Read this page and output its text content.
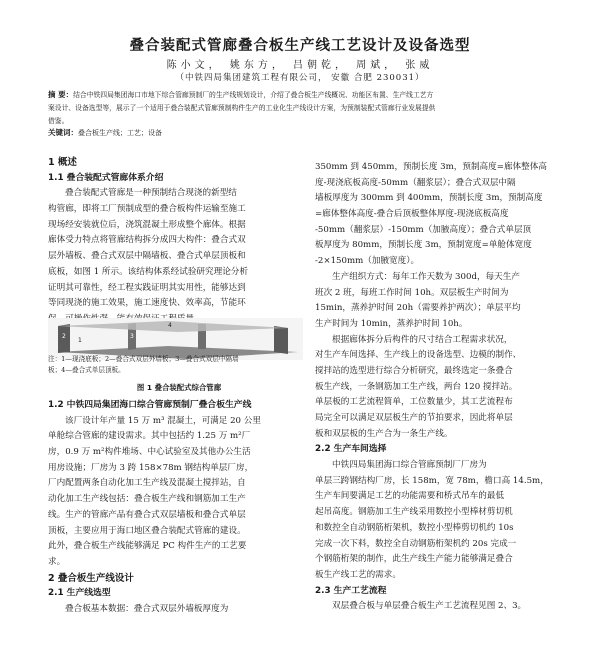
叠合装配式管廊叠合板生产线工艺设计及设备选型
陈小文， 姚东方， 吕朝乾， 周斌， 张威
（中铁四局集团建筑工程有限公司， 安徽 合肥 230031）
摘 要：结合中铁四局集团海口市地下综合管廊预制厂的生产线规划设计，介绍了叠合板生产线概况、功能区布置、生产线工艺方
案设计、设备选型等，展示了一个适用于叠合装配式管廊预制构件生产的工业化生产线设计方案，为预制装配式管廊行业发展提供
借鉴。
关键词：叠合板生产线；工艺；设备
1 概述
1.1 叠合装配式管廊体系介绍
叠合装配式管廊是一种预制结合现浇的新型结
构管廊，即将工厂预制成型的叠合板构件运输至施工
现场经安装就位后，浇筑混凝土形成整个廊体。根据
廊体受力特点将管廊结构拆分成四大构件：叠合式双
层外墙板、叠合式双层中隔墙板、叠合式单层顶板和
底板，如图 1 所示。该结构体系经试验研究理论分析
证明其可靠性，经工程实践证明其实用性，能够达到
等同现浇的施工效果，施工速度快、效率高，节能环
1
2	3
4
注：1—现浇底板；2—叠合式双层外墙板；3—叠合式双层中隔墙
板；4—叠合式单层顶板。
图 1 叠合装配式综合管廊
1.2 中铁四局集团海口综合管廊预制厂叠合板生产线
该厂设计年产量 15 万 m³ 混凝土，可满足 20 公里
单舱综合管廊的建设需求。其中包括约 1.25 万 m²厂
房，0.9 万 m²构件堆场、中心试验室及其他办公生活
用房设施；厂房为 3 跨 158×78m 钢结构单层厂房，
厂内配置两条自动化加工生产线及混凝土搅拌站，自
动化加工生产线包括：叠合板生产线和钢筋加工生产
线。生产的管廊产品有叠合式双层墙板和叠合式单层
顶板，主要应用于海口地区叠合装配式管廊的建设。
此外，叠合板生产线能够满足 PC 构件生产的工艺要
求。
2 叠合板生产线设计
2.1 生产线选型
叠合板基本数据：叠合式双层外墙板厚度为
350mm 到 450mm，预制长度 3m，预制高度=廊体整体高
度-现浇底板高度-50mm（翻浆层）；叠合式双层中隔
墙板厚度为 300mm 到 400mm，预制长度 3m，预制高度
=廊体整体高度-叠合后顶板整体厚度-现浇底板高度
-50mm（翻浆层）-150mm（加腋高度）；叠合式单层顶
板厚度为 80mm，预制长度 3m，预制宽度=单舱体宽度
-2×150mm（加腋宽度）。
生产组织方式：每年工作天数为 300d，每天生产
班次 2 班，每班工作时间 10h。双层板生产时间为
15min，蒸养护时间 20h（需要养护两次）；单层平均
生产时间为 10min，蒸养护时间 10h。
根据廊体拆分后构件的尺寸结合工程需求状况，
对生产车间选择、生产线上的设备选型、边模的制作、
搅拌站的选型进行综合分析研究，最终选定一条叠合
板生产线，一条钢筋加工生产线，两台 120 搅拌站。
单层板的工艺流程简单，工位数量少，其工艺流程布
局完全可以满足双层板生产的节拍要求，因此将单层
板和双层板的生产合为一条生产线。
2.2 生产车间选择
中铁四局集团海口综合管廊预制厂厂房为
单层三跨钢结构厂房，长 158m，宽 78m，檐口高 14.5m，
生产车间要满足工艺的功能需要和桥式吊车的最低
起吊高度。钢筋加工生产线采用数控小型棒材剪切机
和数控全自动钢筋桁架机，数控小型棒剪切机约 10s
完成一次下料，数控全自动钢筋桁架机约 20s 完成一
个钢筋桁架的制作，此生产线生产能力能够满足叠合
板生产线工艺的需求。
2.3 生产工艺流程
双层叠合板与单层叠合板生产工艺流程见图 2、3。
